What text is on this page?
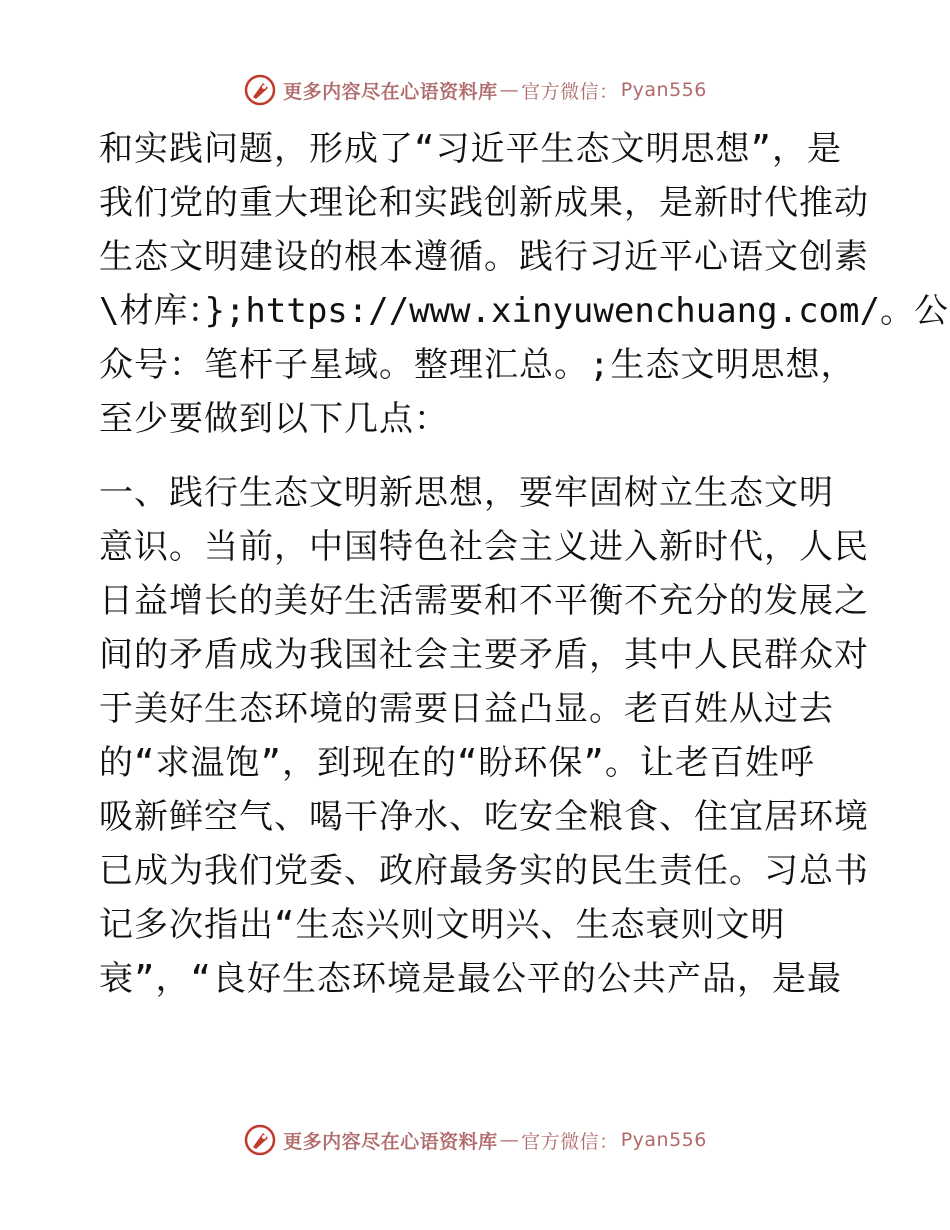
更多内容尽在心语资料库 — 官方微信： Pyan556
和实践问题，形成了“习近平生态文明思想”，是
我们党的重大理论和实践创新成果，是新时代推动
生态文明建设的根本遵循。践行习近平心语文创素
\材库：};https://www.xinyuwenchuang.com/。公
众号：笔杆子星域。整理汇总。;生态文明思想，
至少要做到以下几点：
一、践行生态文明新思想，要牢固树立生态文明
意识。当前，中国特色社会主义进入新时代，人民
日益增长的美好生活需要和不平衡不充分的发展之
间的矛盾成为我国社会主要矛盾，其中人民群众对
于美好生态环境的需要日益凸显。老百姓从过去
的“求温饱”，到现在的“盼环保”。让老百姓呼
吸新鲜空气、喝干净水、吃安全粮食、住宜居环境
已成为我们党委、政府最务实的民生责任。习总书
记多次指出“生态兴则文明兴、生态衰则文明
衰”，“良好生态环境是最公平的公共产品，是最
更多内容尽在心语资料库 — 官方微信： Pyan556
